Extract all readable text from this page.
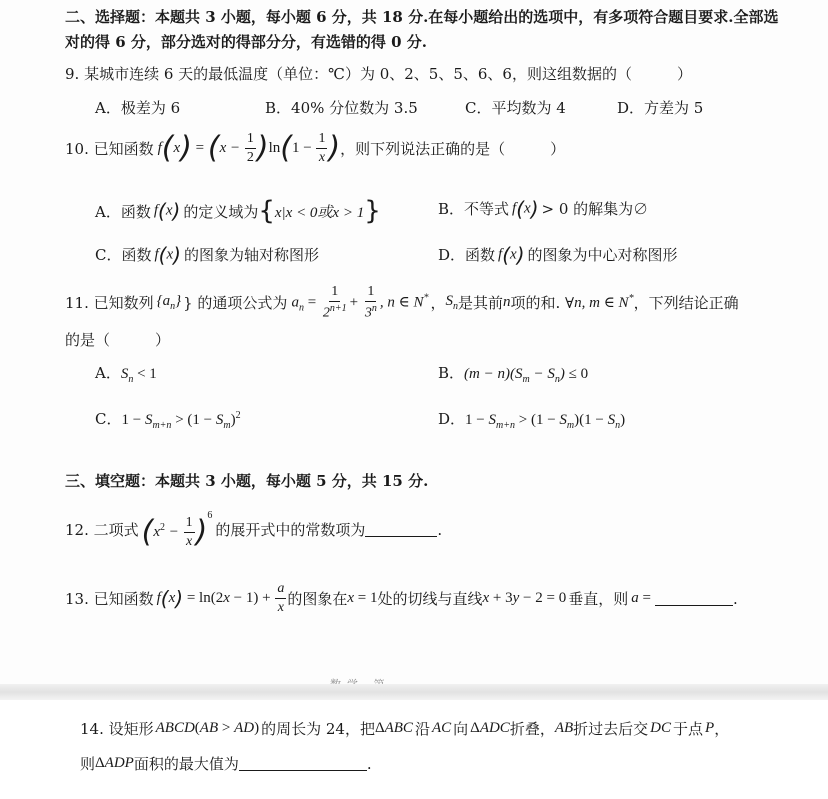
二、选择题：本题共 3 小题，每小题 6 分，共 18 分.在每小题给出的选项中，有多项符合题目要求.全部选
对的得 6 分，部分选对的得部分分，有选错的得 0 分.
9. 某城市连续 6 天的最低温度（单位：℃）为 0、2、5、5、6、6，则这组数据的（　　　）
A．极差为 6	B．40% 分位数为 3.5	C．平均数为 4	D．方差为 5
10. 已知函数 $f(x) = (x - \frac{1}{2} )\ln(1 - \frac{1}{x}$ ) ，则下列说法正确的是（　　　）
A．函数 f(x) 的定义域为 { x|x < 0或x > 1 }	B．不等式 f(x) > 0 的解集为∅
C．函数 f(x) 的图象为轴对称图形	D．函数 f(x) 的图象为中心对称图形
11. 已知数列 $\{a_n\}$ } 的通项公式为 $a_n = \frac{1}{2^{n+1}} + \frac{1}{3^n}$ , n ∈ N* ， $S_n$ 是其前 n 项的和. ∀ n, m ∈ N* ，下列结论正确
的是（　　　）
A．$S_n < 1$	B．$(m - n)(S_m - S_n) \le 0$
C．$1 - S_{m+n} > (1 - S_m)^2$	D．$1 - S_{m+n} > (1 - S_m)(1 - S_n)$
三、填空题：本题共 3 小题，每小题 5 分，共 15 分.
12. 二项式 $(x^2 - \frac{1}{x} )^6$
的展开式中的常数项为	.
13. 已知函数 $f(x) = \ln(2x - 1) + \frac{a}{x}$ 的图象在 x = 1 处的切线与直线 x + 3y − 2 = 0 垂直，则 a =	.
14. 设矩形 ABCD(AB > AD) 的周长为 24，把 ΔABC 沿 AC 向 ΔADC 折叠， AB 折过去后交 DC 于点 P ，
则 ΔADP 面积的最大值为	.
